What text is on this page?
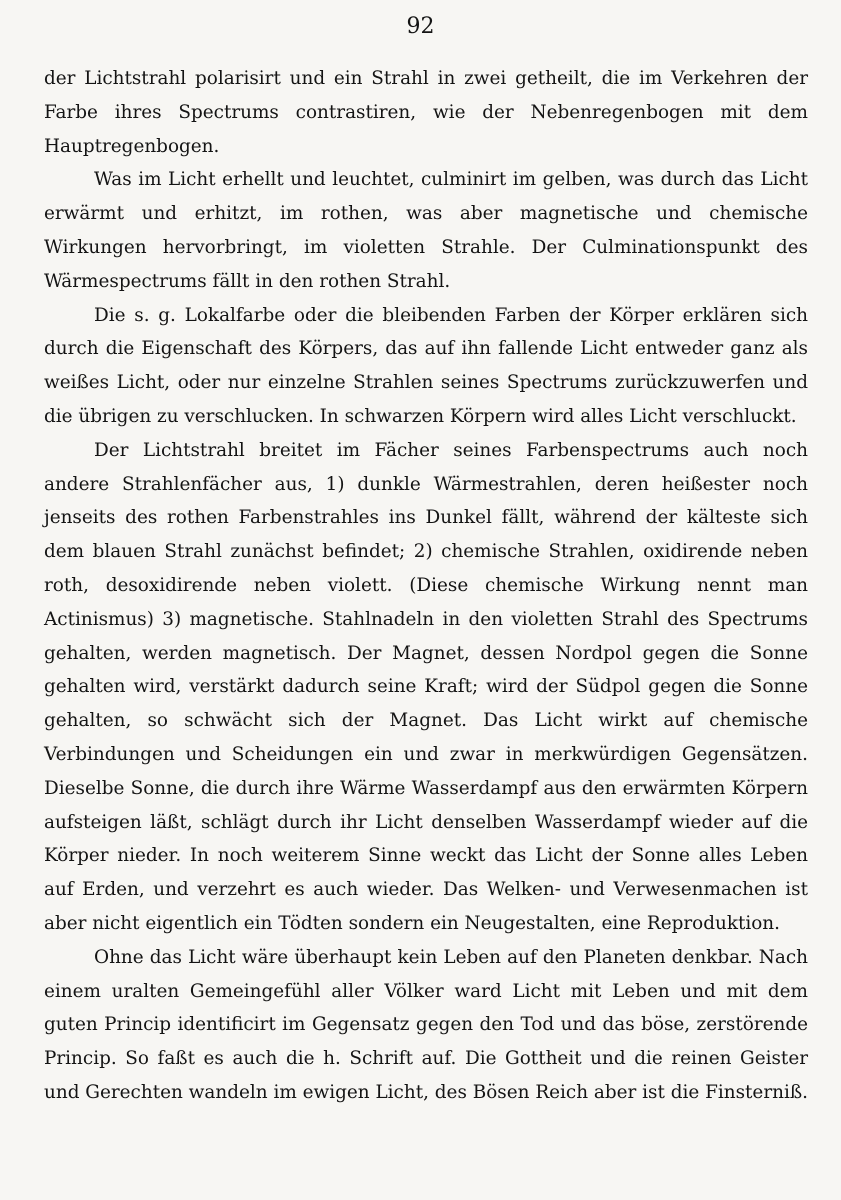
92

der Lichtstrahl polarisirt und ein Strahl in zwei getheilt, die im Verkehren der Farbe ihres Spectrums contrastiren, wie der Nebenregenbogen mit dem Hauptregenbogen.

Was im Licht erhellt und leuchtet, culminirt im gelben, was durch das Licht erwärmt und erhitzt, im rothen, was aber magnetische und chemische Wirkungen hervorbringt, im violetten Strahle. Der Culminationspunkt des Wärmespectrums fällt in den rothen Strahl.

Die s. g. Lokalfarbe oder die bleibenden Farben der Körper erklären sich durch die Eigenschaft des Körpers, das auf ihn fallende Licht entweder ganz als weißes Licht, oder nur einzelne Strahlen seines Spectrums zurückzuwerfen und die übrigen zu verschlucken. In schwarzen Körpern wird alles Licht verschluckt.

Der Lichtstrahl breitet im Fächer seines Farbenspectrums auch noch andere Strahlenfächer aus, 1) dunkle Wärmestrahlen, deren heißester noch jenseits des rothen Farbenstrahles ins Dunkel fällt, während der kälteste sich dem blauen Strahl zunächst befindet; 2) chemische Strahlen, oxidirende neben roth, desoxidirende neben violett. (Diese chemische Wirkung nennt man Actinismus) 3) magnetische. Stahlnadeln in den violetten Strahl des Spectrums gehalten, werden magnetisch. Der Magnet, dessen Nordpol gegen die Sonne gehalten wird, verstärkt dadurch seine Kraft; wird der Südpol gegen die Sonne gehalten, so schwächt sich der Magnet. Das Licht wirkt auf chemische Verbindungen und Scheidungen ein und zwar in merkwürdigen Gegensätzen. Dieselbe Sonne, die durch ihre Wärme Wasserdampf aus den erwärmten Körpern aufsteigen läßt, schlägt durch ihr Licht denselben Wasserdampf wieder auf die Körper nieder. In noch weiterem Sinne weckt das Licht der Sonne alles Leben auf Erden, und verzehrt es auch wieder. Das Welken- und Verwesenmachen ist aber nicht eigentlich ein Tödten sondern ein Neugestalten, eine Reproduktion.

Ohne das Licht wäre überhaupt kein Leben auf den Planeten denkbar. Nach einem uralten Gemeingefühl aller Völker ward Licht mit Leben und mit dem guten Princip identificirt im Gegensatz gegen den Tod und das böse, zerstörende Princip. So faßt es auch die h. Schrift auf. Die Gottheit und die reinen Geister und Gerechten wandeln im ewigen Licht, des Bösen Reich aber ist die Finsterniß.
